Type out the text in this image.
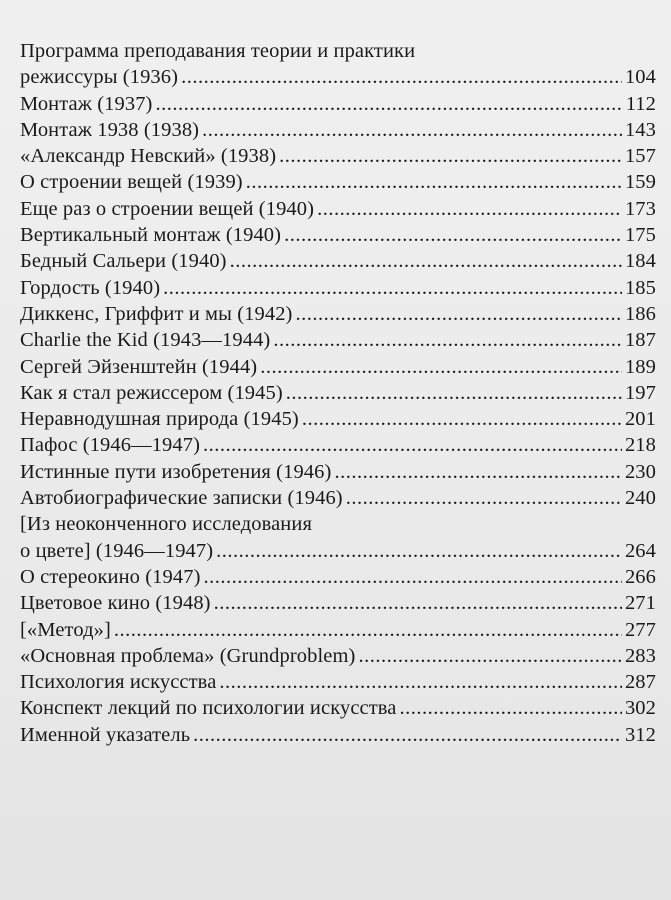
Программа преподавания теории и практики
режиссуры (1936) .....	104
Монтаж (1937) .....	112
Монтаж 1938 (1938) .....	143
«Александр Невский» (1938) .....	157
О строении вещей (1939) .....	159
Еще раз о строении вещей (1940) .....	173
Вертикальный монтаж (1940) .....	175
Бедный Сальери (1940) .....	184
Гордость (1940) .....	185
Диккенс, Гриффит и мы (1942) .....	186
Charlie the Kid (1943—1944) .....	187
Сергей Эйзенштейн (1944) .....	189
Как я стал режиссером (1945) .....	197
Неравнодушная природа (1945) .....	201
Пафос (1946—1947) .....	218
Истинные пути изобретения (1946) .....	230
Автобиографические записки (1946) .....	240
[Из неоконченного исследования
о цвете] (1946—1947) .....	264
О стереокино (1947) .....	266
Цветовое кино (1948) .....	271
[«Метод»] .....	277
«Основная проблема» (Grundproblem) .....	283
Психология искусства .....	287
Конспект лекций по психологии искусства .....	302
Именной указатель .....	312
